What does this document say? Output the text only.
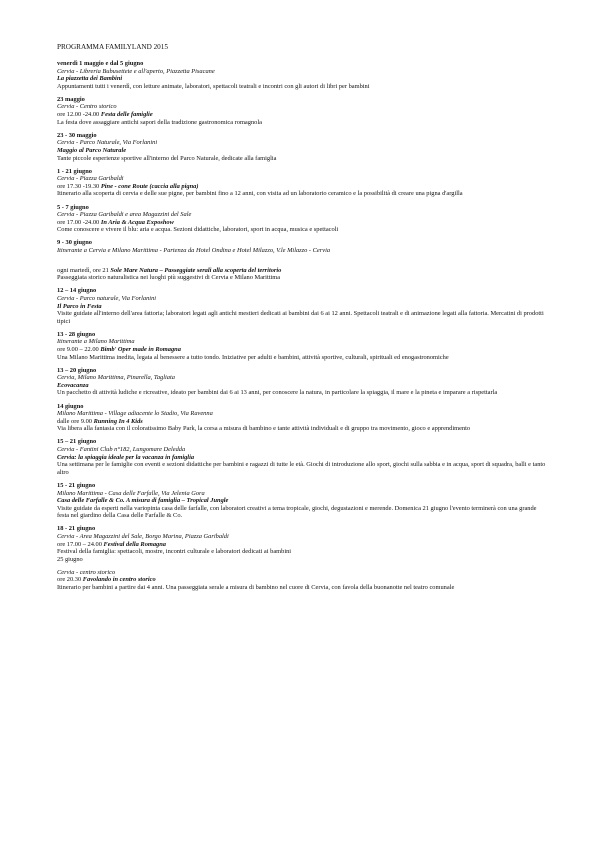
PROGRAMMA FAMILYLAND 2015
venerdì 1 maggio e dal 5 giugno
Cervia - Libreria Bubusettete e all'aperto, Piazzetta Pisacane
La piazzetta dei Bambini
Appuntamenti tutti i venerdì, con letture animate, laboratori, spettacoli teatrali e incontri con gli autori di libri per bambini
23 maggio
Cervia - Centro storico
ore 12.00 -24.00 Festa delle famiglie
La festa dove assaggiare antichi sapori della tradizione gastronomica romagnola
23 - 30 maggio
Cervia - Parco Naturale, Via Forlanini
Maggio al Parco Naturale
Tante piccole esperienze sportive all'interno del Parco Naturale, dedicate alla famiglia
1 - 21 giugno
Cervia - Piazza Garibaldi
ore 17.30 -19.30 Pine - cone Route (caccia alla pigna)
Itinerario alla scoperta di cervia e delle sue pigne, per bambini fino a 12 anni, con visita ad un laboratorio ceramico e la possibilità di creare una pigna d'argilla
5 - 7 giugno
Cervia - Piazza Garibaldi e area Magazzini del Sale
ore 17.00 -24.00 In Aria & Acqua Exposhow
Come conoscere e vivere il blu: aria e acqua. Sezioni didattiche, laboratori, sport in acqua, musica e spettacoli
9 - 30 giugno
Itinerante a Cervia e Milano Marittima - Partenza da Hotel Ondina e Hotel Milazzo, V.le Milazzo - Cervia
ogni martedì, ore 21 Sole Mare Natura – Passeggiate serali alla scoperta del territorio
Passeggiata storico naturalistica nei luoghi più suggestivi di Cervia e Milano Marittima
12 – 14 giugno
Cervia - Parco naturale, Via Forlanini
Il Parco in Festa
Visite guidate all'interno dell'area fattoria; laboratori legati agli antichi mestieri dedicati ai bambini dai 6 ai 12 anni. Spettacoli teatrali e di animazione legati alla fattoria. Mercatini di prodotti tipici
13 - 28 giugno
Itinerante a Milano Marittima
ore 9.00 – 22.00 Bimb' Oper made in Romagna
Una Milano Marittima inedita, legata al benessere a tutto tondo. Iniziative per adulti e bambini, attività sportive, culturali, spirituali ed enogastronomiche
13 – 20 giugno
Cervia, Milano Marittima, Pinarella, Tagliata
Ecovacanza
Un pacchetto di attività ludiche e ricreative, ideato per bambini dai 6 ai 13 anni, per conoscere la natura, in particolare la spiaggia, il mare e la pineta e imparare a rispettarla
14 giugno
Milano Marittima - Village adiacente lo Stadio, Via Ravenna
dalle ore 9.00 Running In 4 Kids
Via libera alla fantasia con il coloratissimo Baby Park, la corsa a misura di bambino e tante attività individuali e di gruppo tra movimento, gioco e apprendimento
15 – 21 giugno
Cervia - Fantini Club n°182, Lungomare Deledda
Cervia: la spiaggia ideale per la vacanza in famiglia
Una settimana per le famiglie con eventi e sezioni didattiche per bambini e ragazzi di tutte le età. Giochi di introduzione allo sport, giochi sulla sabbia e in acqua, sport di squadra, balli e tanto altro
15 - 21 giugno
Milano Marittima - Casa delle Farfalle, Via Jelenia Gora
Casa delle Farfalle & Co. A misura di famiglia – Tropical Jungle
Visite guidate da esperti nella variopinta casa delle farfalle, con laboratori creativi a tema tropicale, giochi, degustazioni e merende. Domenica 21 giugno l'evento terminerà con una grande festa nel giardino della Casa delle Farfalle & Co.
18 - 21 giugno
Cervia - Area Magazzini del Sale, Borgo Marina, Piazza Garibaldi
ore 17.00 – 24.00 Festival della Romagna
Festival della famiglia: spettacoli, mostre, incontri culturale e laboratori dedicati ai bambini
25 giugno
Cervia - centro storico
ore 20.30 Favolando in centro storico
Itinerario per bambini a partire dai 4 anni. Una passeggiata serale a misura di bambino nel cuore di Cervia, con favola della buonanotte nel teatro comunale
